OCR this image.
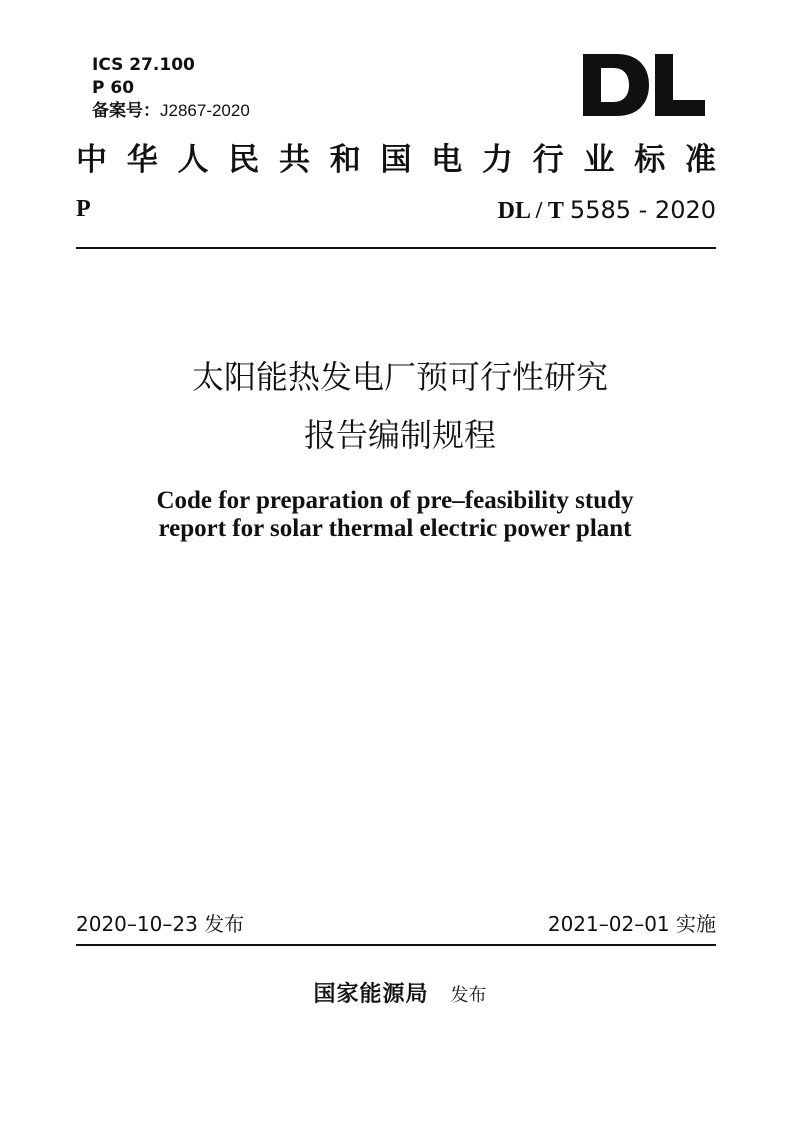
ICS 27.100
P 60
备案号：J2867-2020
中 华 人 民 共 和 国 电 力 行 业 标 准
P	DL / T 5585 - 2020
太阳能热发电厂预可行性研究
报告编制规程
Code for preparation of pre–feasibility study
report for solar thermal electric power plant
2020–10–23 发布	2021–02–01 实施
国家能源局 发布
